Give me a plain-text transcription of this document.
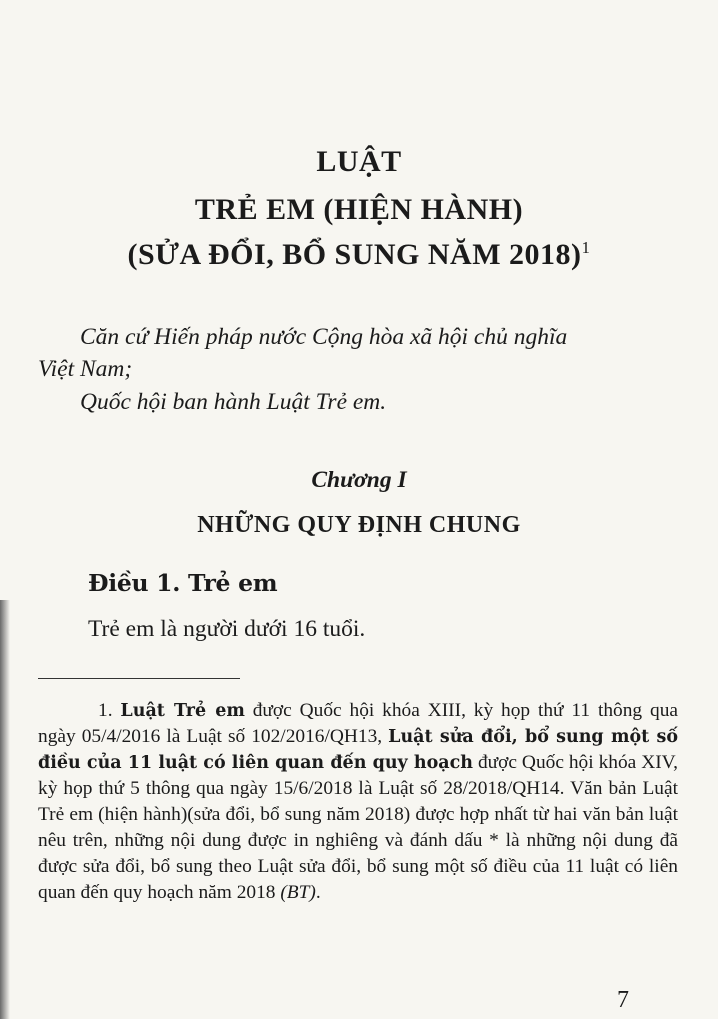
LUẬT
TRẺ EM (HIỆN HÀNH)
(SỬA ĐỔI, BỔ SUNG NĂM 2018)$^1$
Căn cứ Hiến pháp nước Cộng hòa xã hội chủ nghĩa
Việt Nam;
Quốc hội ban hành Luật Trẻ em.
Chương I
NHỮNG QUY ĐỊNH CHUNG
Điều 1. Trẻ em
Trẻ em là người dưới 16 tuổi.
1. Luật Trẻ em được Quốc hội khóa XIII, kỳ họp thứ 11 thông qua ngày 05/4/2016 là Luật số 102/2016/QH13, Luật sửa đổi, bổ sung một số điều của 11 luật có liên quan đến quy hoạch được Quốc hội khóa XIV, kỳ họp thứ 5 thông qua ngày 15/6/2018 là Luật số 28/2018/QH14. Văn bản Luật Trẻ em (hiện hành)(sửa đổi, bổ sung năm 2018) được hợp nhất từ hai văn bản luật nêu trên, những nội dung được in nghiêng và đánh dấu * là những nội dung đã được sửa đổi, bổ sung theo Luật sửa đổi, bổ sung một số điều của 11 luật có liên quan đến quy hoạch năm 2018 (BT).
7
